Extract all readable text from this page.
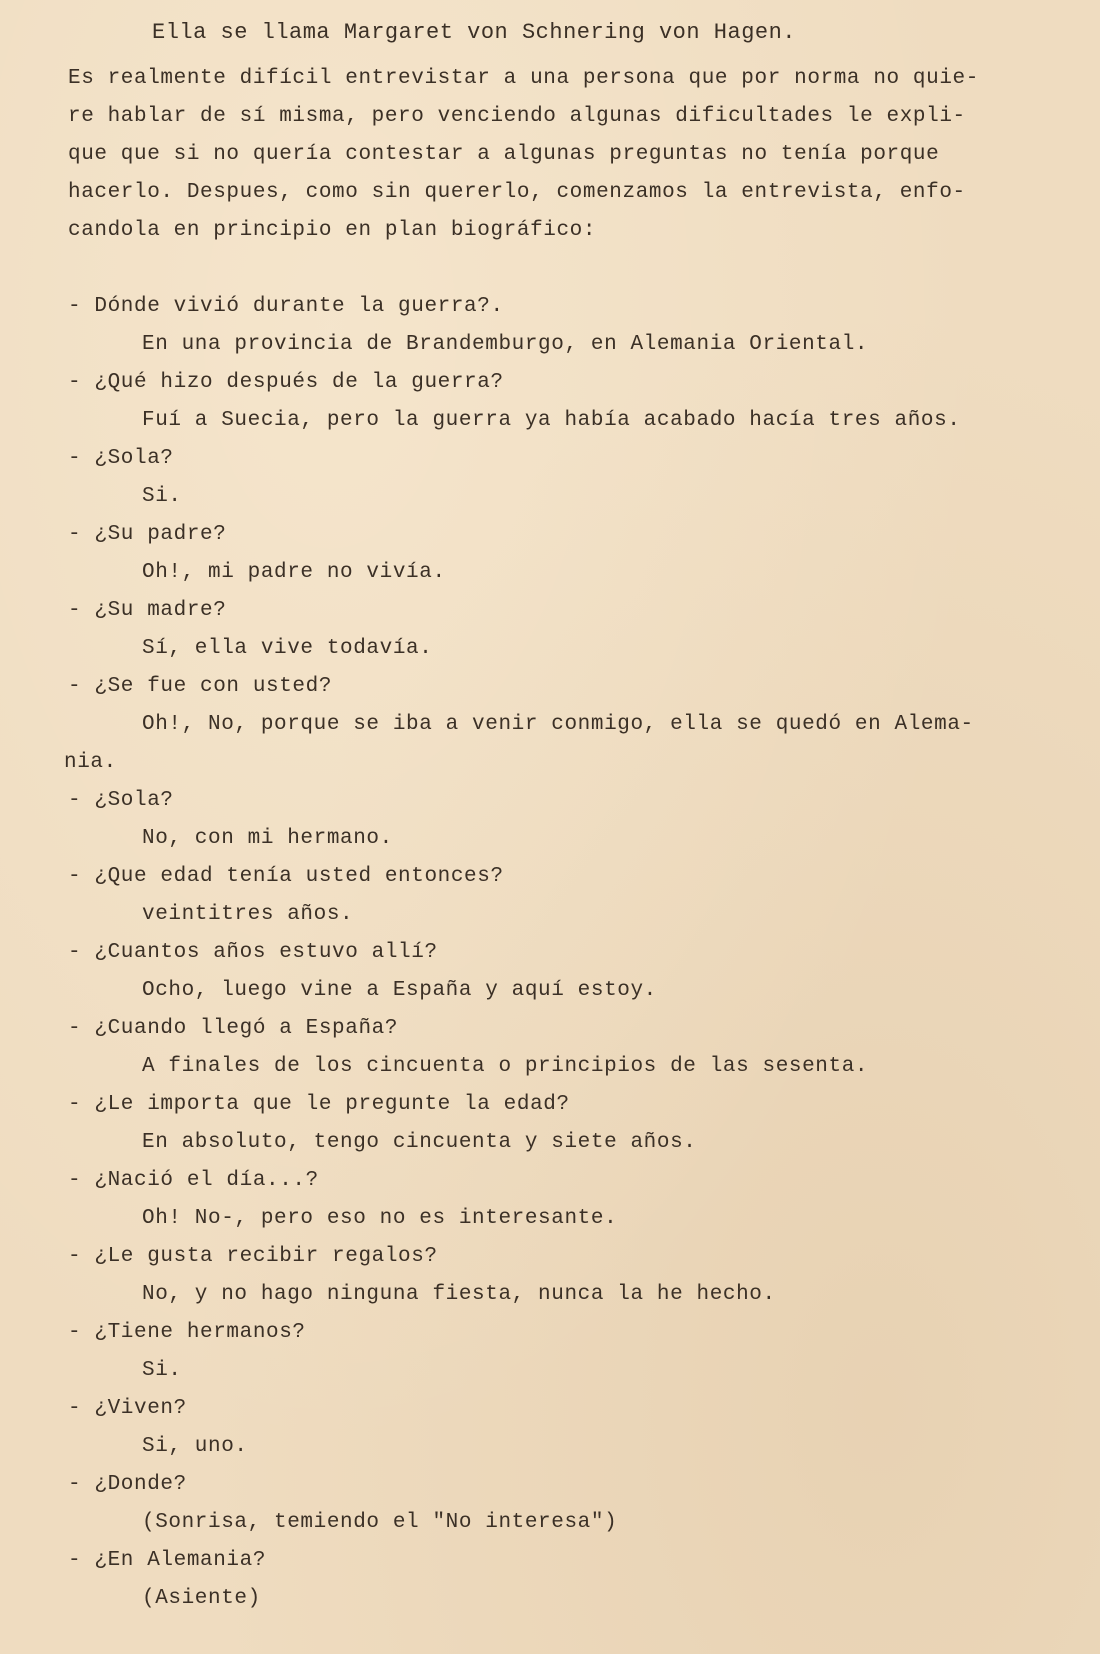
Ella se llama Margaret von Schnering von Hagen.
Es realmente difícil entrevistar a una persona que por norma no quie-
re hablar de sí misma, pero venciendo algunas dificultades le expli-
que que si no quería contestar a algunas preguntas no tenía porque
hacerlo. Despues, como sin quererlo, comenzamos la entrevista, enfo-
candola en principio en plan biográfico:
- Dónde vivió durante la guerra?.
En una provincia de Brandemburgo, en Alemania Oriental.
- ¿Qué hizo después de la guerra?
Fuí a Suecia, pero la guerra ya había acabado hacía tres años.
- ¿Sola?
Si.
- ¿Su padre?
Oh!, mi padre no vivía.
- ¿Su madre?
Sí, ella vive todavía.
- ¿Se fue con usted?
Oh!, No, porque se iba a venir conmigo, ella se quedó en Alema-
nia.
- ¿Sola?
No, con mi hermano.
- ¿Que edad tenía usted entonces?
veintitres años.
- ¿Cuantos años estuvo allí?
Ocho, luego vine a España y aquí estoy.
- ¿Cuando llegó a España?
A finales de los cincuenta o principios de las sesenta.
- ¿Le importa que le pregunte la edad?
En absoluto, tengo cincuenta y siete años.
- ¿Nació el día...?
Oh! No-, pero eso no es interesante.
- ¿Le gusta recibir regalos?
No, y no hago ninguna fiesta, nunca la he hecho.
- ¿Tiene hermanos?
Si.
- ¿Viven?
Si, uno.
- ¿Donde?
(Sonrisa, temiendo el "No interesa")
- ¿En Alemania?
(Asiente)
